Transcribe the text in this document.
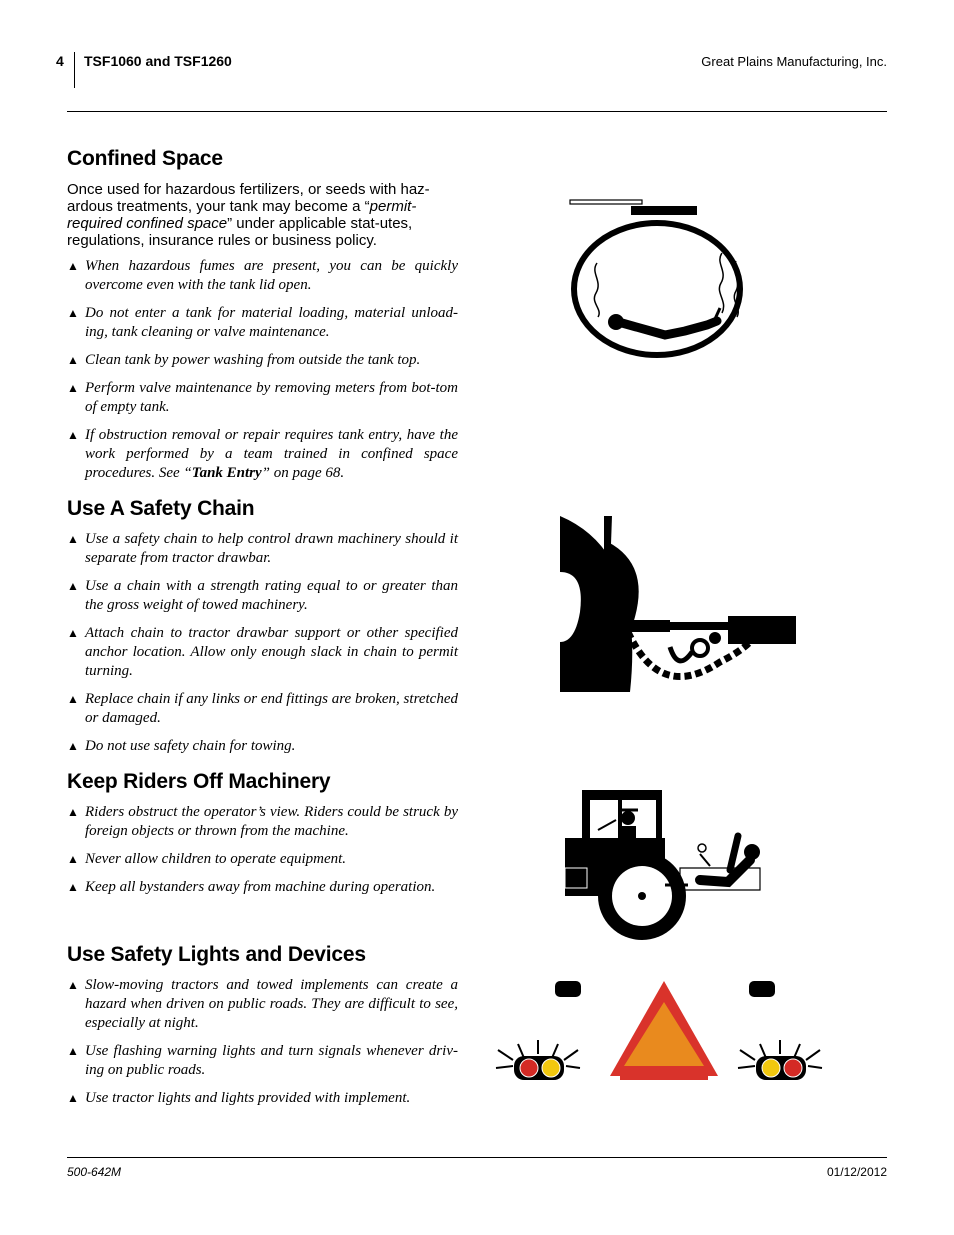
4 TSF1060 and TSF1260	Great Plains Manufacturing, Inc.
Confined Space
Once used for hazardous fertilizers, or seeds with haz-ardous treatments, your tank may become a “permit-required confined space” under applicable stat-utes, regulations, insurance rules or business policy.
▲ When hazardous fumes are present, you can be quickly overcome even with the tank lid open.
▲ Do not enter a tank for material loading, material unload-ing, tank cleaning or valve maintenance.
▲ Clean tank by power washing from outside the tank top.
▲ Perform valve maintenance by removing meters from bot-tom of empty tank.
▲ If obstruction removal or repair requires tank entry, have the work performed by a team trained in confined space procedures. See “Tank Entry” on page 68.
Use A Safety Chain
▲ Use a safety chain to help control drawn machinery should it separate from tractor drawbar.
▲ Use a chain with a strength rating equal to or greater than the gross weight of towed machinery.
▲ Attach chain to tractor drawbar support or other specified anchor location. Allow only enough slack in chain to permit turning.
▲ Replace chain if any links or end fittings are broken, stretched or damaged.
▲ Do not use safety chain for towing.
Keep Riders Off Machinery
▲ Riders obstruct the operator’s view. Riders could be struck by foreign objects or thrown from the machine.
▲ Never allow children to operate equipment.
▲ Keep all bystanders away from machine during operation.
Use Safety Lights and Devices
▲ Slow-moving tractors and towed implements can create a hazard when driven on public roads. They are difficult to see, especially at night.
▲ Use flashing warning lights and turn signals whenever driv-ing on public roads.
▲ Use tractor lights and lights provided with implement.
500-642M	01/12/2012
